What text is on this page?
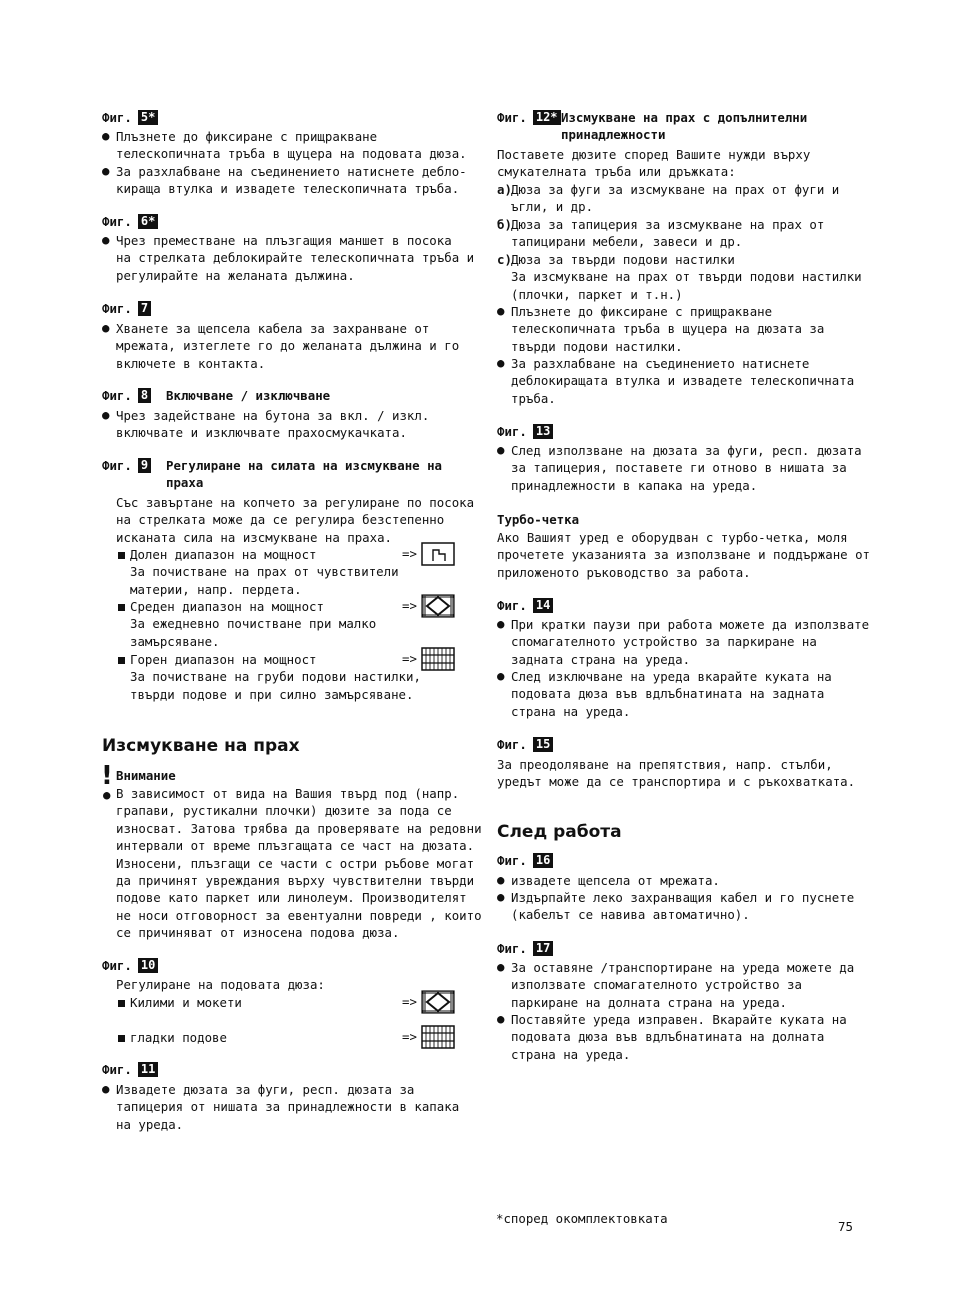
Фиг. 5*
● Плъзнете до фиксиране с прищракване
телескопичната тръба в щуцера на подовата дюза.
● За разхлабване на съединението натиснете дебло-
кираща втулка и извадете телескопичната тръба.
Фиг. 6*
● Чрез преместване на плъзгащия маншет в посока
на стрелката деблокирайте телескопичната тръба и
регулирайте на желаната дължина.
Фиг. 7
● Хванете за щепсела кабела за захранване от
мрежата, изтеглете го до желаната дължина и го
включете в контакта.
Фиг. 8 Включване / изключване
● Чрез задействане на бутона за вкл. / изкл.
включвате и изключвате прахосмукачката.
Фиг. 9 Регулиране на силата на изсмукване на
праха
Със завъртане на копчето за регулиране по посока
на стрелката може да се регулира безстепенно
исканата сила на изсмукване на праха.
Долен диапазон на мощност	=>
За почистване на прах от чувствители
материи, напр. пердета.
Среден диапазон на мощност	=>
За ежедневно почистване при малко
замърсяване.
Горен диапазон на мощност	=>
За почистване на груби подови настилки,
твърди подове и при силно замърсяване.
Изсмукване на прах
!
●
Внимание
В зависимост от вида на Вашия твърд под (напр.
грапави, рустикални плочки) дюзите за пода се
износват. Затова трябва да проверявате на редовни
интервали от време плъзгащата се част на дюзата.
Износени, плъзгащи се части с остри ръбове могат
да причинят увреждания върху чувствителни твърди
подове като паркет или линолеум. Производителят
не носи отговорност за евентуални повреди , които
се причиняват от износена подова дюза.
Фиг. 10
Регулиране на подовата дюза:
Килими и мокети	=>
гладки подове	=>
Фиг. 11
● Извадете дюзата за фуги, респ. дюзата за
тапицерия от нишата за принадлежности в капака
на уреда.
Фиг. 12* Изсмукване на прах с допълнителни
принадлежности
Поставете дюзите според Вашите нужди върху
смукателната тръба или дръжката:
а) Дюза за фуги за изсмукване на прах от фуги и
ъгли, и др.
б) Дюза за тапицерия за изсмукване на прах от
тапицирани мебели, завеси и др.
с) Дюза за твърди подови настилки
За изсмукване на прах от твърди подови настилки
(плочки, паркет и т.н.)
● Плъзнете до фиксиране с прищракване
телескопичната тръба в щуцера на дюзата за
твърди подови настилки.
● За разхлабване на съединението натиснете
деблокиращата втулка и извадете телескопичната
тръба.
Фиг. 13
● След използване на дюзата за фуги, респ. дюзата
за тапицерия, поставете ги отново в нишата за
принадлежности в капака на уреда.
Турбо-четка
Ако Вашият уред е оборудван с турбо-четка, моля
прочетете указанията за използване и поддържане от
приложеното ръководство за работа.
Фиг. 14
● При кратки паузи при работа можете да използвате
спомагателното устройство за паркиране на
задната страна на уреда.
● След изключване на уреда вкарайте куката на
подовата дюза във вдлъбнатината на задната
страна на уреда.
Фиг. 15
За преодоляване на препятствия, напр. стълби,
уредът може да се транспортира и с ръкохватката.
След работа
Фиг. 16
● извадете щепсела от мрежата.
● Издърпайте леко захранващия кабел и го пуснете
(кабелът се навива автоматично).
Фиг. 17
● За оставяне /транспортиране на уреда можете да
използвате спомагателното устройство за
паркиране на долната страна на уреда.
● Поставяйте уреда изправен. Вкарайте куката на
подовата дюза във вдлъбнатината на долната
страна на уреда.
*според окомплектовката
75
